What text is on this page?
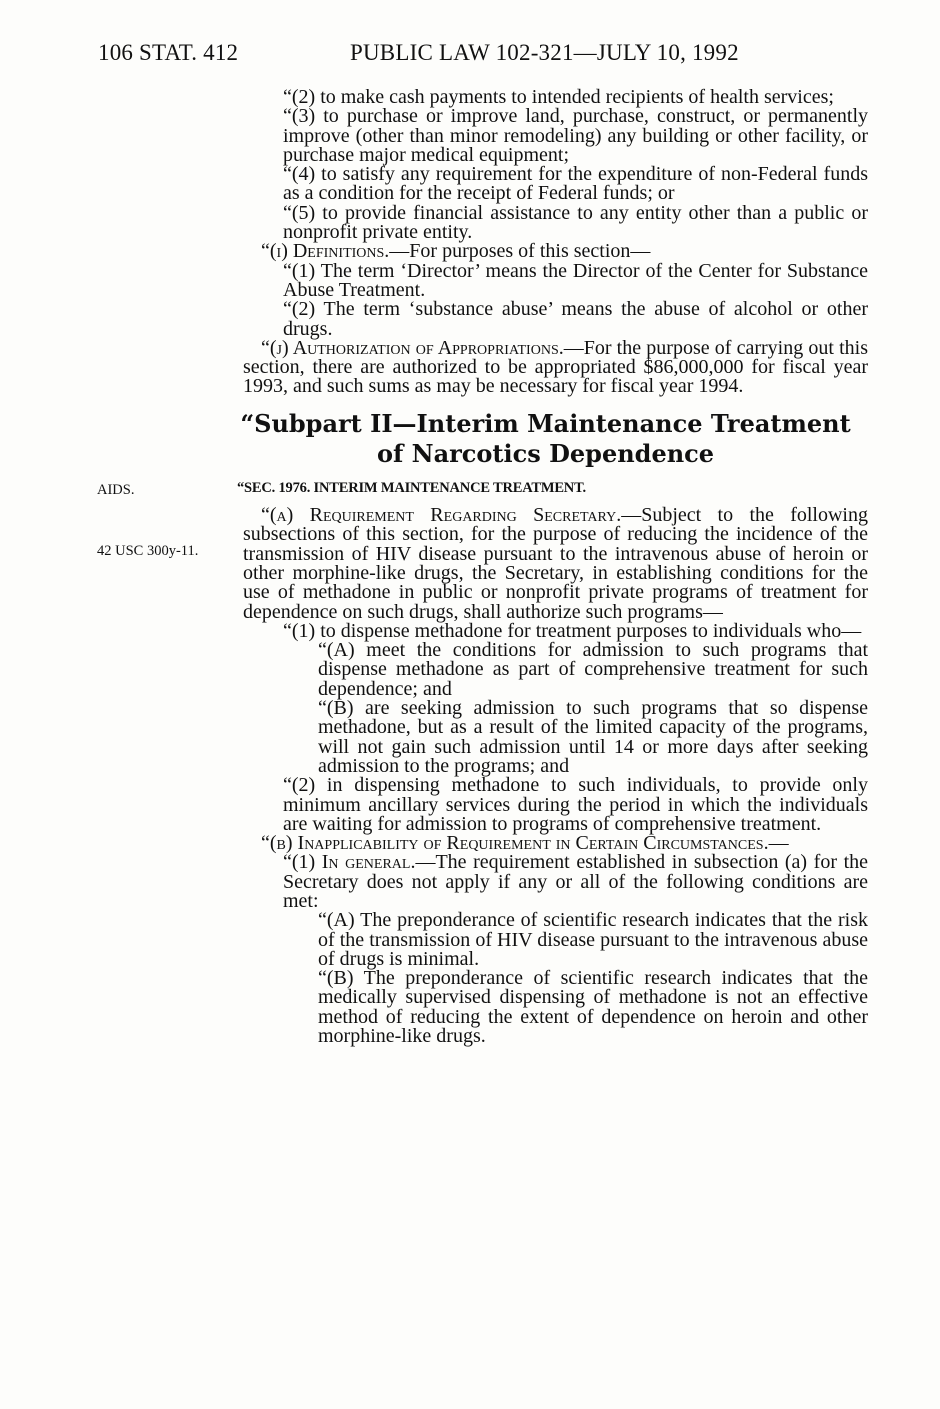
106 STAT. 412	PUBLIC LAW 102-321—JULY 10, 1992
AIDS.
42 USC 300y-11.

“(2) to make cash payments to intended recipients of health services;

“(3) to purchase or improve land, purchase, construct, or permanently improve (other than minor remodeling) any building or other facility, or purchase major medical equipment;

“(4) to satisfy any requirement for the expenditure of non-Federal funds as a condition for the receipt of Federal funds; or

“(5) to provide financial assistance to any entity other than a public or nonprofit private entity.

“(i) Definitions.—For purposes of this section—

“(1) The term ‘Director’ means the Director of the Center for Substance Abuse Treatment.

“(2) The term ‘substance abuse’ means the abuse of alcohol or other drugs.

“(j) Authorization of Appropriations.—For the purpose of carrying out this section, there are authorized to be appropriated $86,000,000 for fiscal year 1993, and such sums as may be necessary for fiscal year 1994.

“Subpart II—Interim Maintenance Treatment of Narcotics Dependence
“SEC. 1976. INTERIM MAINTENANCE TREATMENT.

“(a) Requirement Regarding Secretary.—Subject to the following subsections of this section, for the purpose of reducing the incidence of the transmission of HIV disease pursuant to the intravenous abuse of heroin or other morphine-like drugs, the Secretary, in establishing conditions for the use of methadone in public or nonprofit private programs of treatment for dependence on such drugs, shall authorize such programs—

“(1) to dispense methadone for treatment purposes to individuals who—

“(A) meet the conditions for admission to such programs that dispense methadone as part of comprehensive treatment for such dependence; and

“(B) are seeking admission to such programs that so dispense methadone, but as a result of the limited capacity of the programs, will not gain such admission until 14 or more days after seeking admission to the programs; and

“(2) in dispensing methadone to such individuals, to provide only minimum ancillary services during the period in which the individuals are waiting for admission to programs of comprehensive treatment.

“(b) Inapplicability of Requirement in Certain Circumstances.—

“(1) In general.—The requirement established in subsection (a) for the Secretary does not apply if any or all of the following conditions are met:

“(A) The preponderance of scientific research indicates that the risk of the transmission of HIV disease pursuant to the intravenous abuse of drugs is minimal.

“(B) The preponderance of scientific research indicates that the medically supervised dispensing of methadone is not an effective method of reducing the extent of dependence on heroin and other morphine-like drugs.
